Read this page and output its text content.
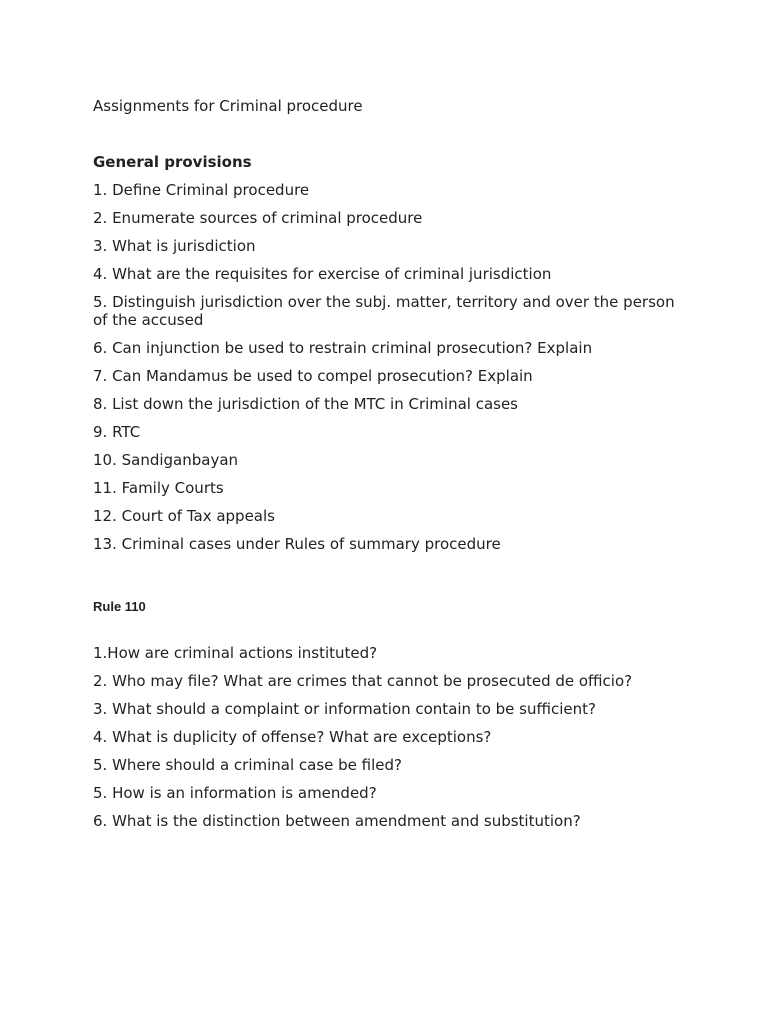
Assignments for Criminal procedure
General provisions
1. Define Criminal procedure
2. Enumerate sources of criminal procedure
3. What is jurisdiction
4. What are the requisites for exercise of criminal jurisdiction
5. Distinguish jurisdiction over the subj. matter, territory and over the person of the accused
6. Can injunction be used to restrain criminal prosecution? Explain
7. Can Mandamus be used to compel prosecution? Explain
8. List down the jurisdiction of the MTC in Criminal cases
9. RTC
10. Sandiganbayan
11. Family Courts
12. Court of Tax appeals
13. Criminal cases under Rules of summary procedure
Rule 110
1.How are criminal actions instituted?
2. Who may file? What are crimes that cannot be prosecuted de officio?
3. What should a complaint or information contain to be sufficient?
4. What is duplicity of offense? What are exceptions?
5. Where should a criminal case be filed?
5. How is an information is amended?
6. What is the distinction between amendment and substitution?
